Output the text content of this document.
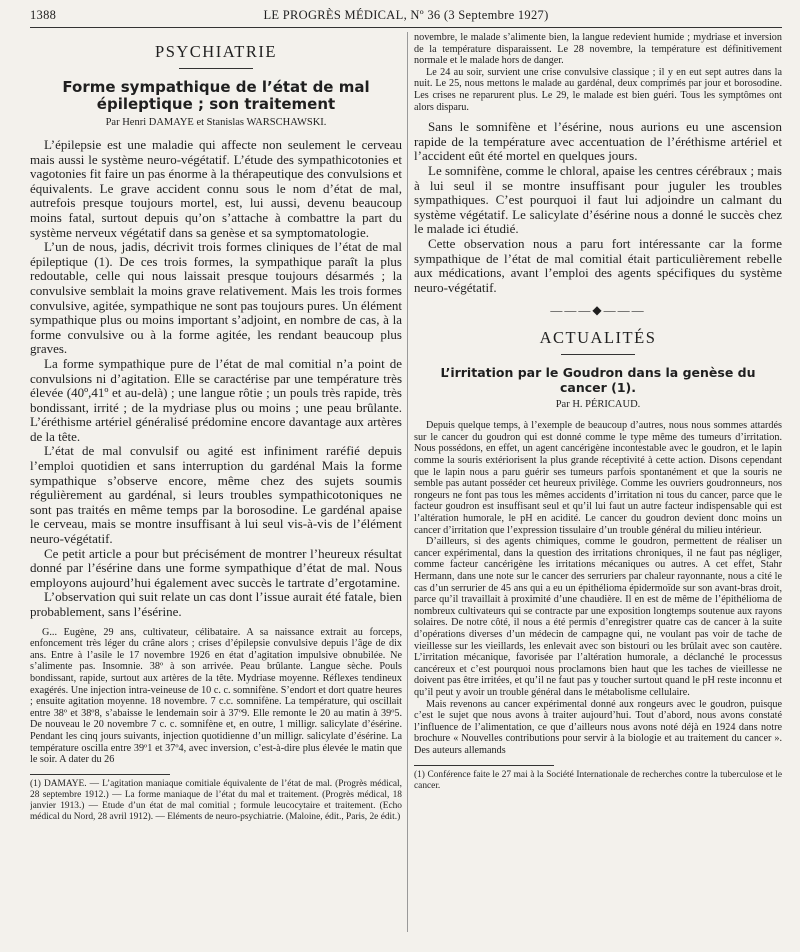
1388	LE PROGRÈS MÉDICAL, Nº 36 (3 Septembre 1927)
PSYCHIATRIE
Forme sympathique de l’état de mal épileptique ; son traitement
Par Henri DAMAYE et Stanislas WARSCHAWSKI.

L’épilepsie est une maladie qui affecte non seulement le cerveau mais aussi le système neuro-végétatif. L’étude des sympathicotonies et vagotonies fit faire un pas énorme à la thérapeutique des convulsions et équivalents. Le grave accident connu sous le nom d’état de mal, autrefois presque toujours mortel, est, lui aussi, devenu beaucoup moins fatal, surtout depuis qu’on s’attache à combattre la part du système nerveux végétatif dans sa genèse et sa symptomatologie.

L’un de nous, jadis, décrivit trois formes cliniques de l’état de mal épileptique (1). De ces trois formes, la sympathique paraît la plus redoutable, celle qui nous laissait presque toujours désarmés ; la convulsive semblait la moins grave relativement. Mais les trois formes convulsive, agitée, sympathique ne sont pas toujours pures. Un élément sympathique plus ou moins important s’adjoint, en nombre de cas, à la forme convulsive ou à la forme agitée, les rendant beaucoup plus graves.

La forme sympathique pure de l’état de mal comitial n’a point de convulsions ni d’agitation. Elle se caractérise par une température très élevée (40º,41º et au-delà) ; une langue rôtie ; un pouls très rapide, très bondissant, irrité ; de la mydriase plus ou moins ; une peau brûlante. L’éréthisme artériel généralisé prédomine encore davantage aux artères de la tête.

L’état de mal convulsif ou agité est infiniment raréfié depuis l’emploi quotidien et sans interruption du gardénal Mais la forme sympathique s’observe encore, même chez des sujets soumis régulièrement au gardénal, si leurs troubles sympathicotoniques ne sont pas traités en même temps par la borosodine. Le gardénal apaise le cerveau, mais se montre insuffisant à lui seul vis-à-vis de l’élément neuro-végétatif.

Ce petit article a pour but précisément de montrer l’heureux résultat donné par l’ésérine dans une forme sympathique d’état de mal. Nous employons aujourd’hui également avec succès le tartrate d’ergotamine.

L’observation qui suit relate un cas dont l’issue aurait été fatale, bien probablement, sans l’ésérine.

G... Eugène, 29 ans, cultivateur, célibataire. A sa naissance extrait au forceps, enfoncement très léger du crâne alors ; crises d’épilepsie convulsive depuis l’âge de dix ans. Entre à l’asile le 17 novembre 1926 en état d’agitation impulsive obnubilée. Ne s’alimente pas. Insomnie. 38º à son arrivée. Peau brûlante. Langue sèche. Pouls bondissant, rapide, surtout aux artères de la tête. Mydriase moyenne. Réflexes tendineux exagérés. Une injection intra-veineuse de 10 c. c. somnifène. S’endort et dort quatre heures ; ensuite agitation moyenne. 18 novembre. 7 c.c. somnifène. La température, qui oscillait entre 38º et 38º8, s’abaisse le lendemain soir à 37º9. Elle remonte le 20 au matin à 39º5. De nouveau le 20 novembre 7 c. c. somnifène et, en outre, 1 milligr. salicylate d’ésérine. Pendant les cinq jours suivants, injection quotidienne d’un milligr. salicylate d’ésérine. La température oscilla entre 39º1 et 37º4, avec inversion, c’est-à-dire plus élevée le matin que le soir. A dater du 26

(1) DAMAYE. — L’agitation maniaque comitiale équivalente de l’état de mal. (Progrès médical, 28 septembre 1912.) — La forme maniaque de l’état du mal et traitement. (Progrès médical, 18 janvier 1913.) — Etude d’un état de mal comitial ; formule leucocytaire et traitement. (Echo médical du Nord, 28 avril 1912). — Eléments de neuro-psychiatrie. (Maloine, édit., Paris, 2e édit.)

novembre, le malade s’alimente bien, la langue redevient humide ; mydriase et inversion de la température disparaissent. Le 28 novembre, la température est définitivement normale et le malade hors de danger.

Le 24 au soir, survient une crise convulsive classique ; il y en eut sept autres dans la nuit. Le 25, nous mettons le malade au gardénal, deux comprimés par jour et borosodine. Les crises ne reparurent plus. Le 29, le malade est bien guéri. Tous les symptômes ont alors disparu.

Sans le somnifène et l’ésérine, nous aurions eu une ascension rapide de la température avec accentuation de l’éréthisme artériel et l’accident eût été mortel en quelques jours.

Le somnifène, comme le chloral, apaise les centres cérébraux ; mais à lui seul il se montre insuffisant pour juguler les troubles sympathiques. C’est pourquoi il faut lui adjoindre un calmant du système végétatif. Le salicylate d’ésérine nous a donné le succès chez le malade ici étudié.

Cette observation nous a paru fort intéressante car la forme sympathique de l’état de mal comitial était particulièrement rebelle aux médications, avant l’emploi des agents spécifiques du système neuro-végétatif.

———◆———
ACTUALITÉS
L’irritation par le Goudron dans la genèse du cancer (1).
Par H. PÉRICAUD.

Depuis quelque temps, à l’exemple de beaucoup d’autres, nous nous sommes attardés sur le cancer du goudron qui est donné comme le type même des tumeurs d’irritation. Nous possédons, en effet, un agent cancérigène incontestable avec le goudron, et le lapin comme la souris extériorisent la plus grande réceptivité à cette action. Disons cependant que le lapin nous a paru guérir ses tumeurs parfois spontanément et que la souris ne semble pas autant posséder cet heureux privilège. Comme les ouvriers goudronneurs, nos rongeurs ne font pas tous les mêmes accidents d’irritation ni tous du cancer, parce que le facteur goudron est insuffisant seul et qu’il lui faut un autre facteur indispensable qui est l’altération humorale, le pH en acidité. Le cancer du goudron devient donc moins un cancer d’irritation que l’expression tissulaire d’un trouble général du milieu intérieur.

D’ailleurs, si des agents chimiques, comme le goudron, permettent de réaliser un cancer expérimental, dans la question des irritations chroniques, il ne faut pas négliger, comme facteur cancérigène les irritations mécaniques ou autres. A cet effet, Stahr Hermann, dans une note sur le cancer des serruriers par chaleur rayonnante, nous a cité le cas d’un serrurier de 45 ans qui a eu un épithélioma épidermoïde sur son avant-bras droit, parce qu’il travaillait à proximité d’une chaudière. Il en est de même de l’épithélioma de nombreux cultivateurs qui se contracte par une exposition longtemps soutenue aux rayons solaires. De notre côté, il nous a été permis d’enregistrer quatre cas de cancer à la suite d’opérations diverses d’un médecin de campagne qui, ne voulant pas voir de tache de vieillesse sur les vieillards, les enlevait avec son bistouri ou les brûlait avec son cautère. L’irritation mécanique, favorisée par l’altération humorale, a déclanché le processus cancéreux et c’est pourquoi nous proclamons bien haut que les taches de vieillesse ne doivent pas être irritées, et qu’il ne faut pas y toucher surtout quand le pH reste inconnu et qu’il peut y avoir un trouble général dans le métabolisme cellulaire.

Mais revenons au cancer expérimental donné aux rongeurs avec le goudron, puisque c’est le sujet que nous avons à traiter aujourd’hui. Tout d’abord, nous avons constaté l’influence de l’alimentation, ce que d’ailleurs nous avons noté déjà en 1924 dans notre brochure « Nouvelles contributions pour servir à la biologie et au traitement du cancer ». Des auteurs allemands

(1) Conférence faite le 27 mai à la Société Internationale de recherches contre la tuberculose et le cancer.
